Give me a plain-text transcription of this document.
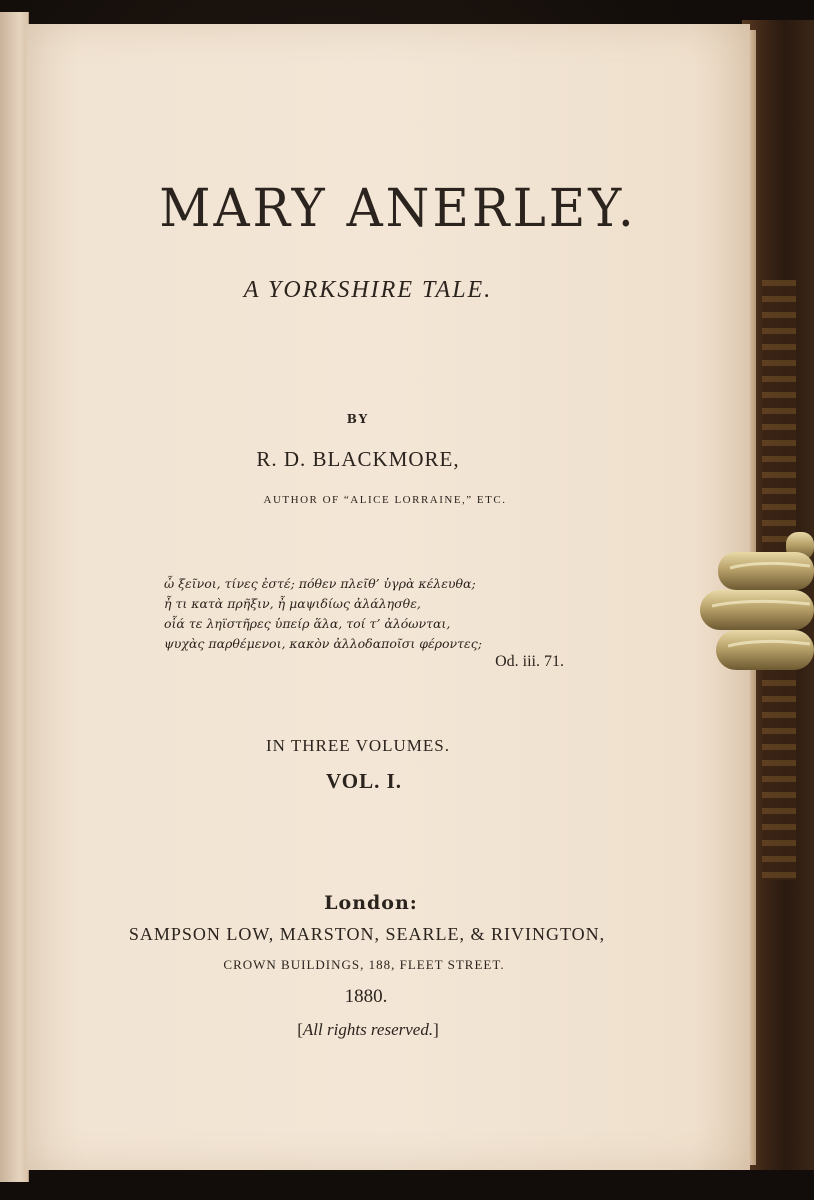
MARY ANERLEY.
A YORKSHIRE TALE.
BY
R. D. BLACKMORE,
AUTHOR OF “ALICE LORRAINE,” ETC.
ὦ ξεῖνοι, τίνες ἐστέ; πόθεν πλεῖθ’ ὑγρὰ κέλευθα;
ἦ τι κατὰ πρῆξιν, ἦ μαψιδίως ἀλάλησθε,
οἷά τε ληϊστῆρες ὑπείρ ἅλα, τοί τ’ ἀλόωνται,
ψυχὰς παρθέμενοι, κακὸν ἀλλοδαποῖσι φέροντες;
Od. iii. 71.
IN THREE VOLUMES.
VOL. I.
London:
SAMPSON LOW, MARSTON, SEARLE, & RIVINGTON,
CROWN BUILDINGS, 188, FLEET STREET.
1880.
[All rights reserved.]
